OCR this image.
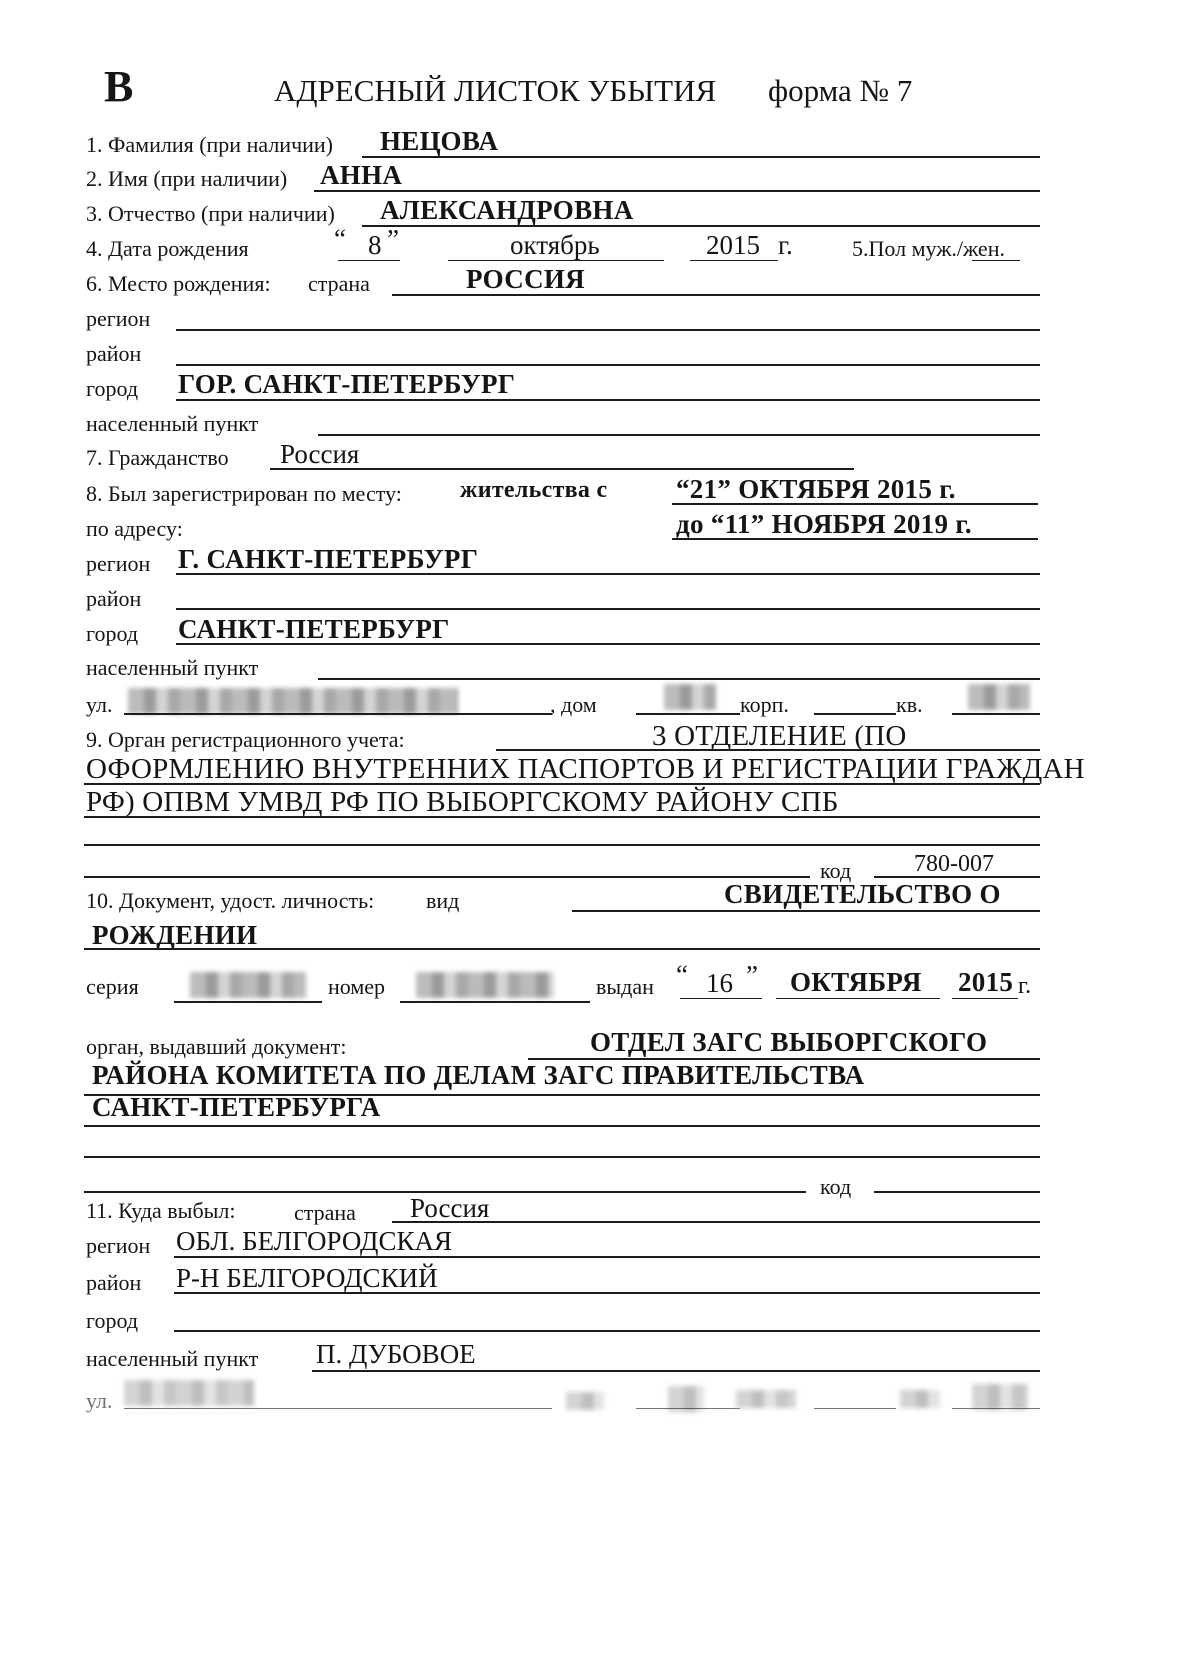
В	АДРЕСНЫЙ ЛИСТОК УБЫТИЯ форма № 7
1. Фамилия (при наличии) НЕЦОВА
2. Имя (при наличии) АННА
3. Отчество (при наличии) АЛЕКСАНДРОВНА
4. Дата рождения	“ 8 ”	октябрь	2015 г.	5.Пол муж./жен.
6. Место рождения: страна	РОССИЯ
регион
район
город ГОР. САНКТ-ПЕТЕРБУРГ
населенный пункт
7. Гражданство Россия
8. Был зарегистрирован по месту: жительства с	“21” ОКТЯБРЯ 2015 г.
по адресу:	до “11” НОЯБРЯ 2019 г.
регион Г. САНКТ-ПЕТЕРБУРГ
район
город САНКТ-ПЕТЕРБУРГ
населенный пункт
ул.	, дом	корп.	кв.
9. Орган регистрационного учета:	3 ОТДЕЛЕНИЕ (ПО
ОФОРМЛЕНИЮ ВНУТРЕННИХ ПАСПОРТОВ И РЕГИСТРАЦИИ ГРАЖДАН
РФ) ОПВМ УМВД РФ ПО ВЫБОРГСКОМУ РАЙОНУ СПБ
код	780-007
10. Документ, удост. личность: вид	СВИДЕТЕЛЬСТВО О
РОЖДЕНИИ
серия	номер	выдан “ 16 ” ОКТЯБРЯ 2015 г.
орган, выдавший документ:	ОТДЕЛ ЗАГС ВЫБОРГСКОГО
РАЙОНА КОМИТЕТА ПО ДЕЛАМ ЗАГС ПРАВИТЕЛЬСТВА
САНКТ-ПЕТЕРБУРГА
код
11. Куда выбыл:	страна Россия
регион ОБЛ. БЕЛГОРОДСКАЯ
район Р-Н БЕЛГОРОДСКИЙ
город
населенный пункт П. ДУБОВОЕ
ул.
